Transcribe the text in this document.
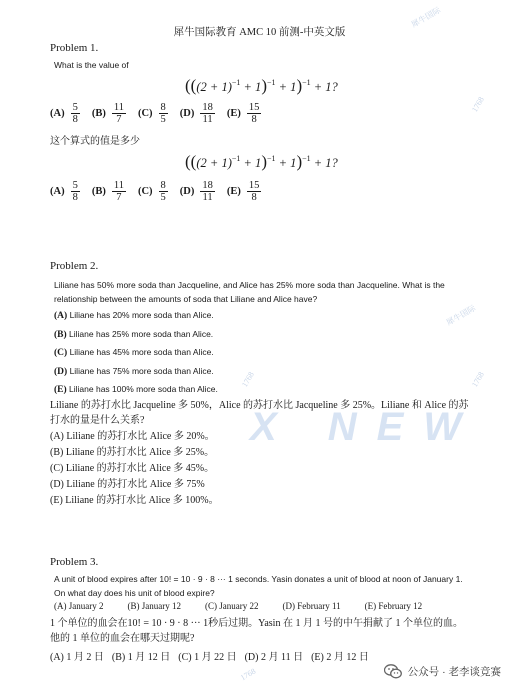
X NEW
犀牛国际
1768
犀牛国际
1768	1768
1768
犀牛国际教育 AMC 10 前测-中英文版
Problem 1.
What is the value of
$(((2 + 1)^{-1} + 1)^{-1} + 1)^{-1} + 1$?
$(A) \frac{5}{8} (B) \frac{11}{7} (C) \frac{8}{5} (D) \frac{18}{11} (E) \frac{15}{8}$
这个算式的值是多少
$(((2 + 1)^{-1} + 1)^{-1} + 1)^{-1} + 1$?
$(A) \frac{5}{8} (B) \frac{11}{7} (C) \frac{8}{5} (D) \frac{18}{11} (E) \frac{15}{8}$
Problem 2.
Liliane has 50% more soda than Jacqueline, and Alice has 25% more soda than Jacqueline. What is the relationship between the amounts of soda that Liliane and Alice have?
(A) Liliane has 20% more soda than Alice.
(B) Liliane has 25% more soda than Alice.
(C) Liliane has 45% more soda than Alice.
(D) Liliane has 75% more soda than Alice.
(E) Liliane has 100% more soda than Alice.
Liliane 的苏打水比 Jacqueline 多 50%，Alice 的苏打水比 Jacqueline 多 25%。Liliane 和 Alice 的苏打水的量是什么关系?
(A) Liliane 的苏打水比 Alice 多 20%。
(B) Liliane 的苏打水比 Alice 多 25%。
(C) Liliane 的苏打水比 Alice 多 45%。
(D) Liliane 的苏打水比 Alice 多 75%
(E) Liliane 的苏打水比 Alice 多 100%。
Problem 3.
A unit of blood expires after 10! = 10 · 9 · 8 ··· 1 seconds. Yasin donates a unit of blood at noon of January 1. On what day does his unit of blood expire?
(A) January 2	(B) January 12	(C) January 22	(D) February 11	(E) February 12
1 个单位的血会在10! = 10 · 9 · 8 ··· 1秒后过期。Yasin 在 1 月 1 号的中午捐献了 1 个单位的血。他的 1 单位的血会在哪天过期呢?
(A) 1 月 2 日 (B) 1 月 12 日 (C) 1 月 22 日 (D) 2 月 11 日 (E) 2 月 12 日
公众号 · 老李谈竞赛
